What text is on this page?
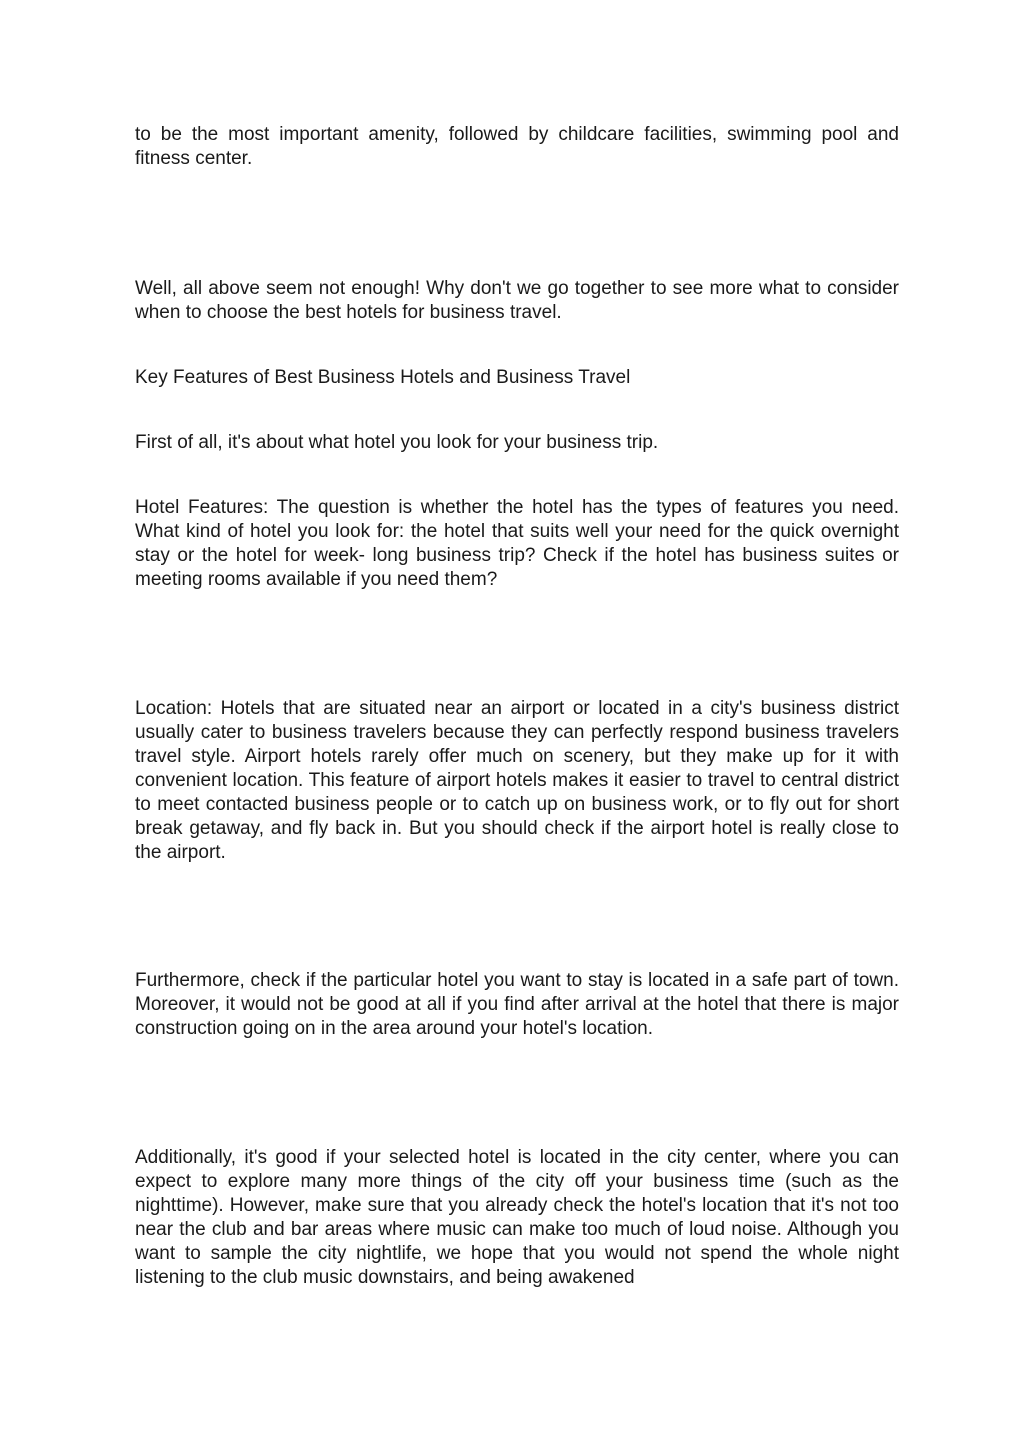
to be the most important amenity, followed by childcare facilities, swimming pool and fitness center.

Well, all above seem not enough! Why don't we go together to see more what to consider when to choose the best hotels for business travel.

Key Features of Best Business Hotels and Business Travel

First of all, it's about what hotel you look for your business trip.

Hotel Features: The question is whether the hotel has the types of features you need. What kind of hotel you look for: the hotel that suits well your need for the quick overnight stay or the hotel for week- long business trip? Check if the hotel has business suites or meeting rooms available if you need them?

Location: Hotels that are situated near an airport or located in a city's business district usually cater to business travelers because they can perfectly respond business travelers travel style. Airport hotels rarely offer much on scenery, but they make up for it with convenient location. This feature of airport hotels makes it easier to travel to central district to meet contacted business people or to catch up on business work, or to fly out for short break getaway, and fly back in. But you should check if the airport hotel is really close to the airport.

Furthermore, check if the particular hotel you want to stay is located in a safe part of town. Moreover, it would not be good at all if you find after arrival at the hotel that there is major construction going on in the area around your hotel's location.

Additionally, it's good if your selected hotel is located in the city center, where you can expect to explore many more things of the city off your business time (such as the nighttime). However, make sure that you already check the hotel's location that it's not too near the club and bar areas where music can make too much of loud noise. Although you want to sample the city nightlife, we hope that you would not spend the whole night listening to the club music downstairs, and being awakened
